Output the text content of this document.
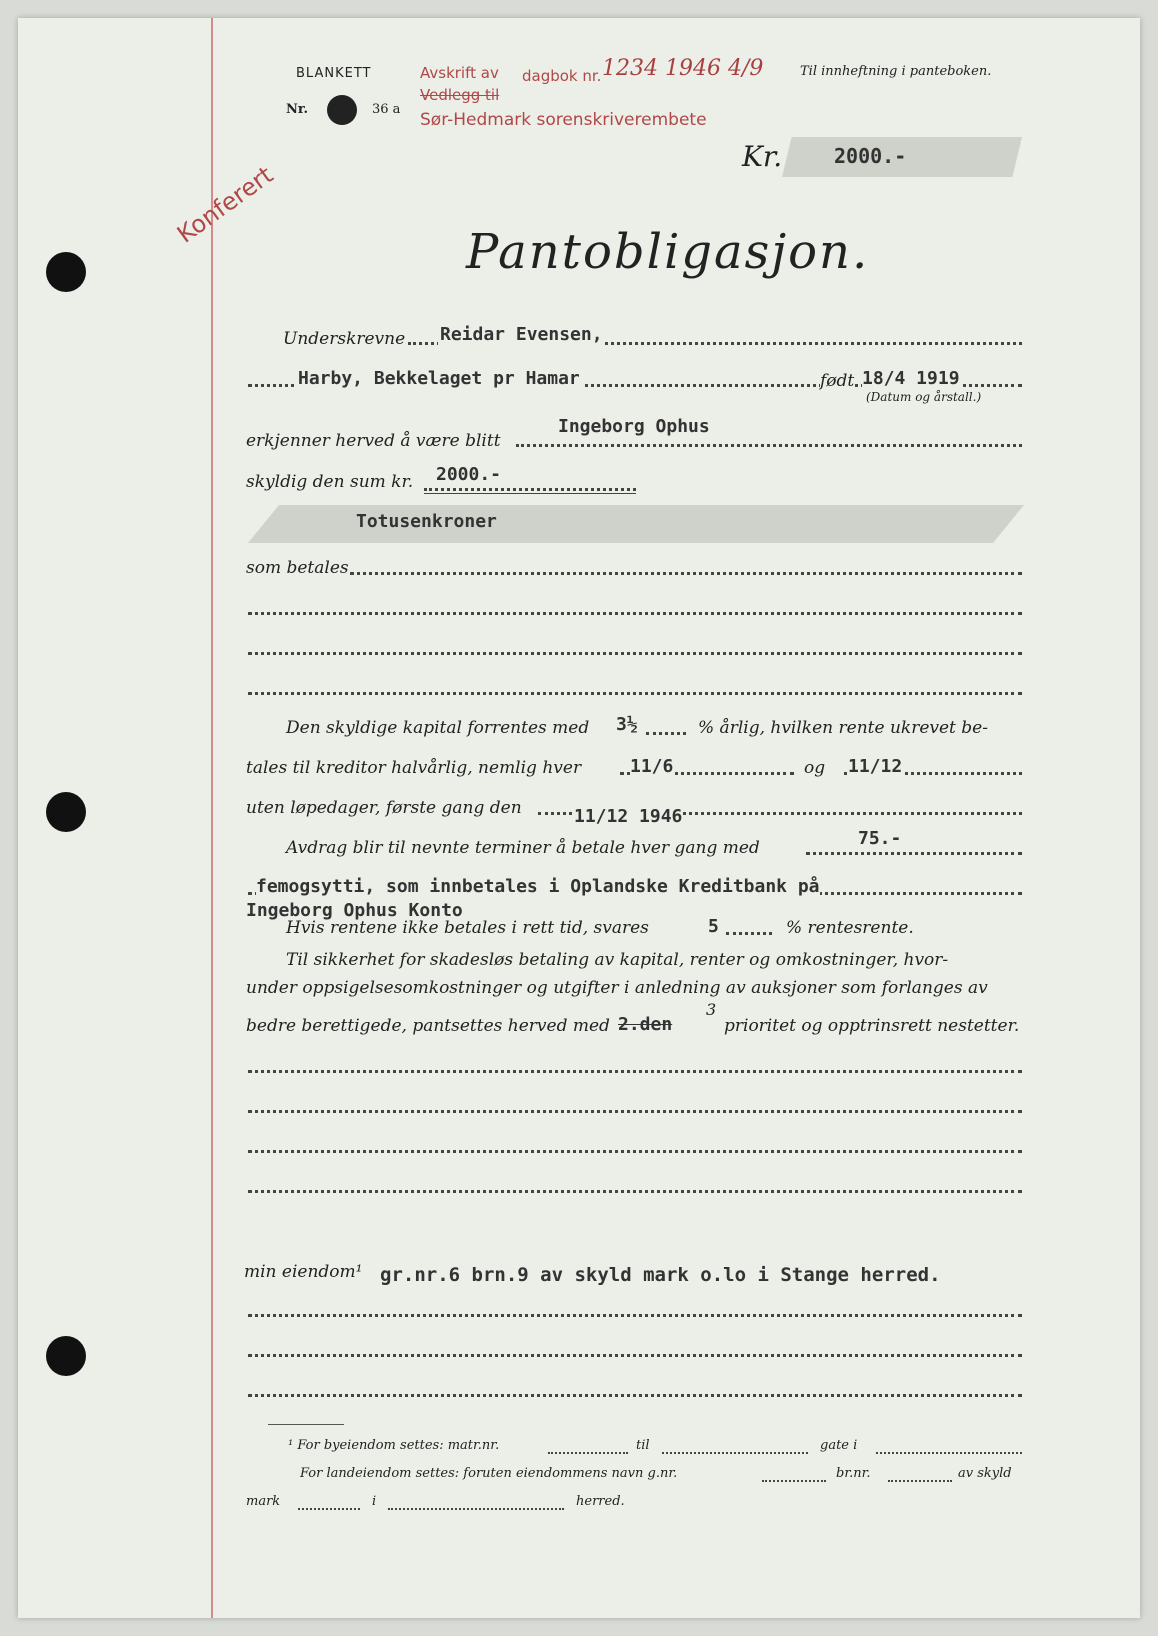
BLANKETT
Nr.	36 a
Avskrift av
Vedlegg til
Sør-Hedmark sorenskriverembete
dagbok nr. 1234 1946 4/9	Til innheftning i panteboken.
Kr.	2000.-
Konferert
Pantobligasjon.
Underskrevne Reidar Evensen,
Harby, Bekkelaget pr Hamar	født 18/4 1919
(Datum og årstall.)
erkjenner herved å være blitt
Ingeborg Ophus
skyldig den sum kr. 2000.-
Totusenkroner
som betales
Den skyldige kapital forrentes med 3½	% årlig, hvilken rente ukrevet be-
tales til kreditor halvårlig, nemlig hver	11/6	og 11/12
uten løpedager, første gang den	11/12 1946
Avdrag blir til nevnte terminer å betale hver gang med	75.-
femogsytti, som innbetales i Oplandske Kreditbank på
Ingeborg Ophus Konto
Hvis rentene ikke betales i rett tid, svares	5	% rentesrente.
Til sikkerhet for skadesløs betaling av kapital, renter og omkostninger, hvor-
under oppsigelsesomkostninger og utgifter i anledning av auksjoner som forlanges av
bedre berettigede, pantsettes herved med 2.den
3
prioritet og opptrinsrett nestetter.
min eiendom¹ gr.nr.6 brn.9 av skyld mark o.lo i Stange herred.
¹ For byeiendom settes: matr.nr.	til	gate i
For landeiendom settes: foruten eiendommens navn g.nr.	br.nr.	av skyld
mark	i	herred.
